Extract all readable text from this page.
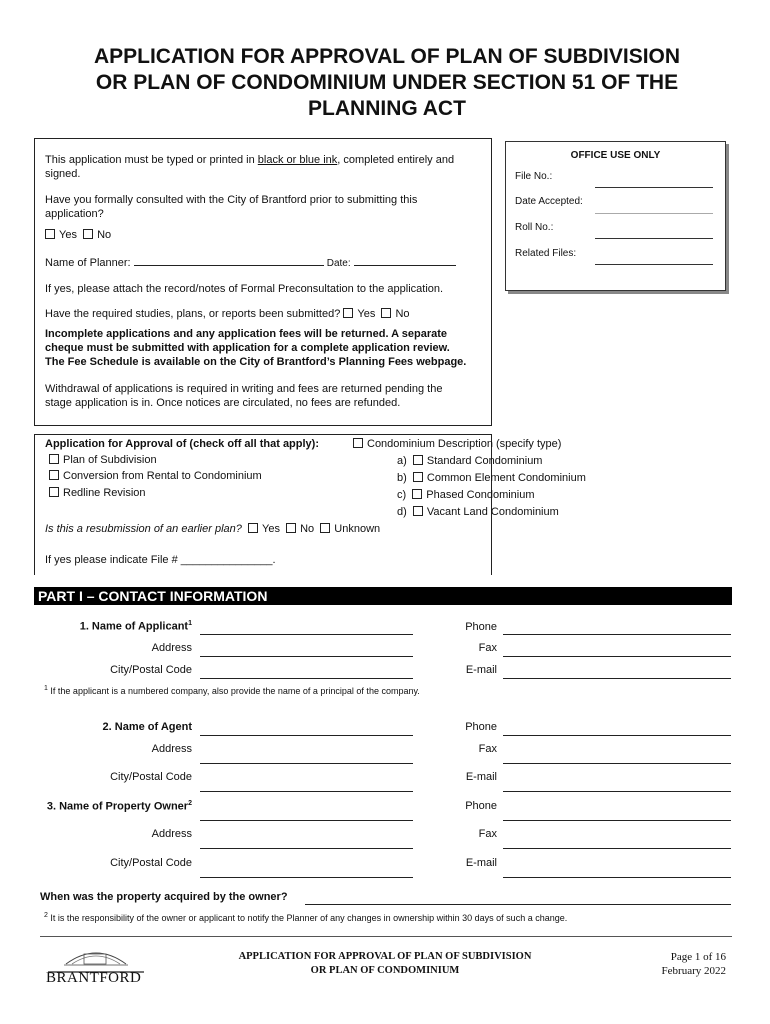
APPLICATION FOR APPROVAL OF PLAN OF SUBDIVISION
OR PLAN OF CONDOMINIUM UNDER SECTION 51 OF THE
PLANNING ACT
This application must be typed or printed in black or blue ink, completed entirely and
signed.
Have you formally consulted with the City of Brantford prior to submitting this
application?
Yes No
Name of Planner:	Date:
If yes, please attach the record/notes of Formal Preconsultation to the application.
Have the required studies, plans, or reports been submitted? Yes No
Incomplete applications and any application fees will be returned. A separate
cheque must be submitted with application for a complete application review.
The Fee Schedule is available on the City of Brantford’s Planning Fees webpage.
Withdrawal of applications is required in writing and fees are returned pending the
stage application is in. Once notices are circulated, no fees are refunded.
OFFICE USE ONLY
File No.:
Date Accepted:
Roll No.:
Related Files:
Application for Approval of (check off all that apply):
Plan of Subdivision
Conversion from Rental to Condominium
Redline Revision
Condominium Description (specify type)
a) Standard Condominium
b) Common Element Condominium
c) Phased Condominium
d) Vacant Land Condominium
Is this a resubmission of an earlier plan? Yes No Unknown
If yes please indicate File # _______________.
PART I – CONTACT INFORMATION
1. Name of Applicant$^1$
Address
City/Postal Code
Phone
Fax
E-mail
$^1$ If the applicant is a numbered company, also provide the name of a principal of the company.
2. Name of Agent
Address
City/Postal Code
Phone
Fax
E-mail
3. Name of Property Owner$^2$
Address
City/Postal Code
Phone
Fax
E-mail
When was the property acquired by the owner?
$^2$ It is the responsibility of the owner or applicant to notify the Planner of any changes in ownership within 30 days of such a change.
BRANTFORD
APPLICATION FOR APPROVAL OF PLAN OF SUBDIVISION
OR PLAN OF CONDOMINIUM
Page 1 of 16
February 2022
